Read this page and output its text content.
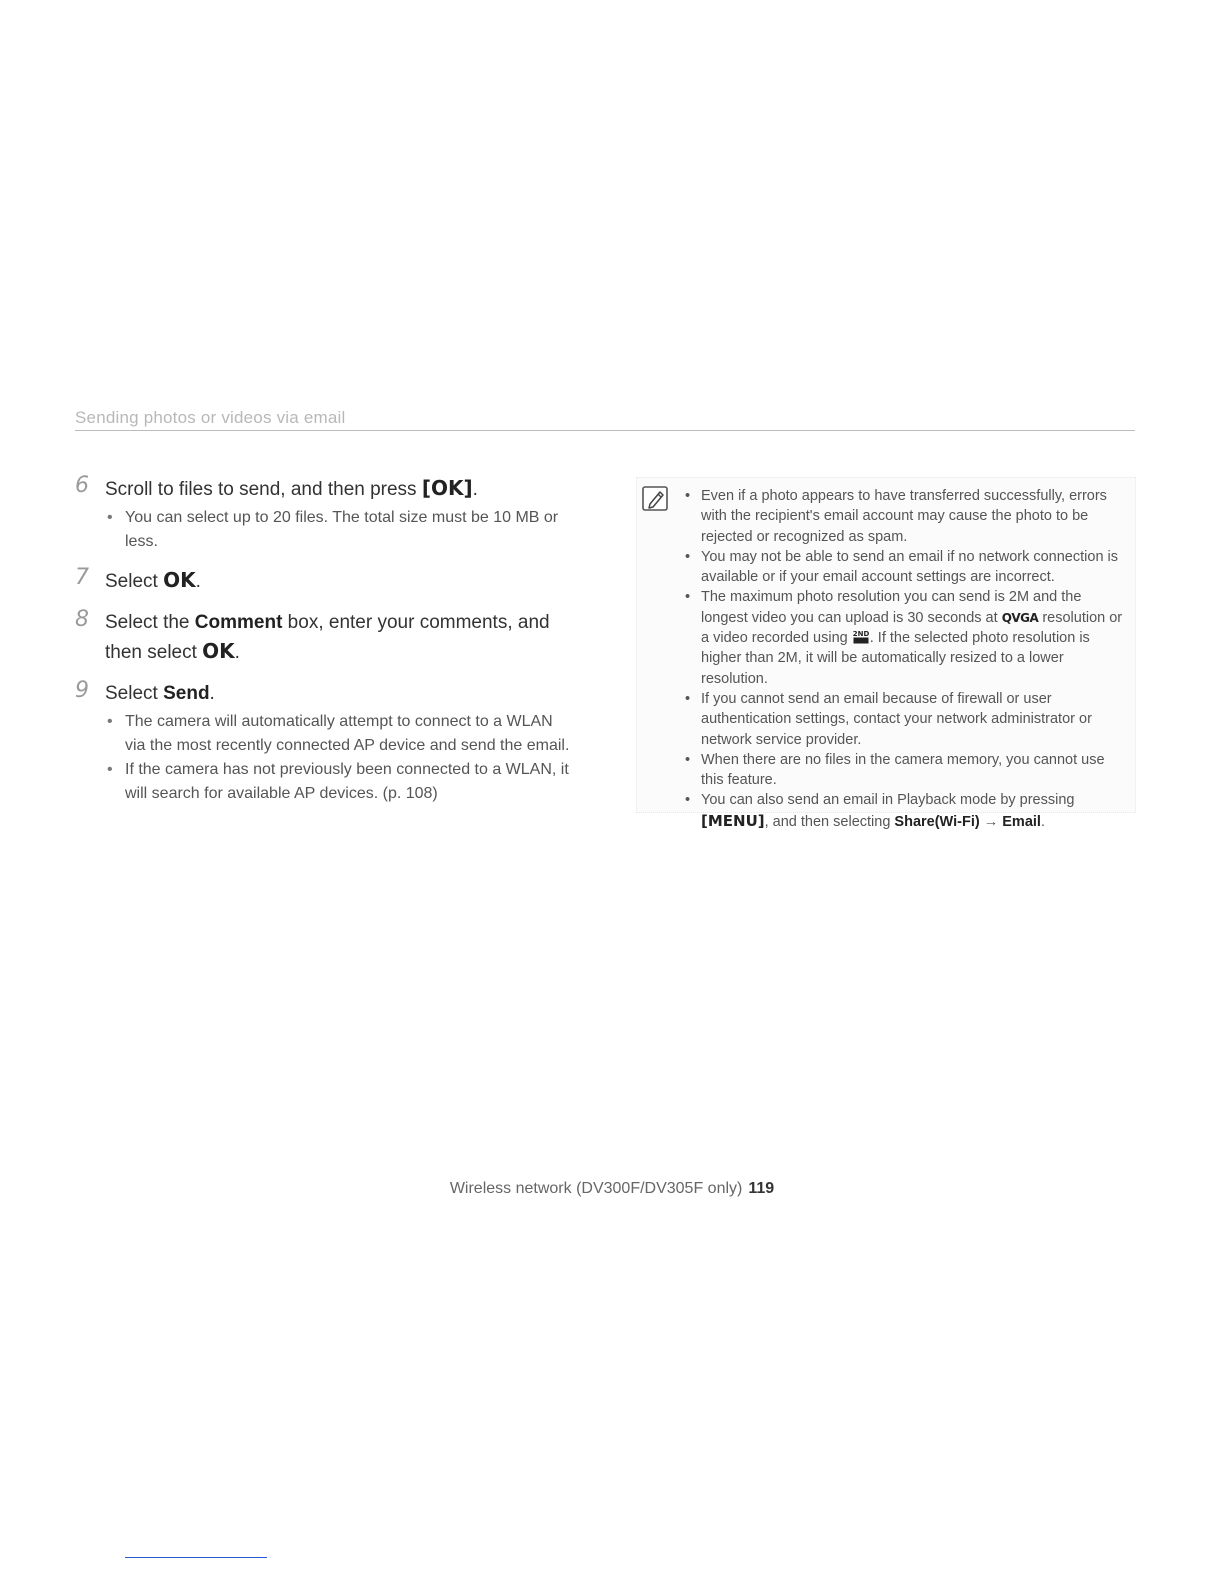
Sending photos or videos via email
6 Scroll to files to send, and then press [OK].
• You can select up to 20 files. The total size must be 10 MB or less.
7 Select OK.
8 Select the Comment box, enter your comments, and then select OK.
9 Select Send.
• The camera will automatically attempt to connect to a WLAN via the most recently connected AP device and send the email.
• If the camera has not previously been connected to a WLAN, it will search for available AP devices. (p. 108)
• Even if a photo appears to have transferred successfully, errors with the recipient's email account may cause the photo to be rejected or recognized as spam.
• You may not be able to send an email if no network connection is available or if your email account settings are incorrect.
• The maximum photo resolution you can send is 2M and the longest video you can upload is 30 seconds at QVGA resolution or a video recorded using 2ND . If the selected photo resolution is higher than 2M, it will be automatically resized to a lower resolution.
• If you cannot send an email because of firewall or user authentication settings, contact your network administrator or network service provider.
• When there are no files in the camera memory, you cannot use this feature.
• You can also send an email in Playback mode by pressing [MENU], and then selecting Share(Wi-Fi) → Email.
Wireless network (DV300F/DV305F only) 119
